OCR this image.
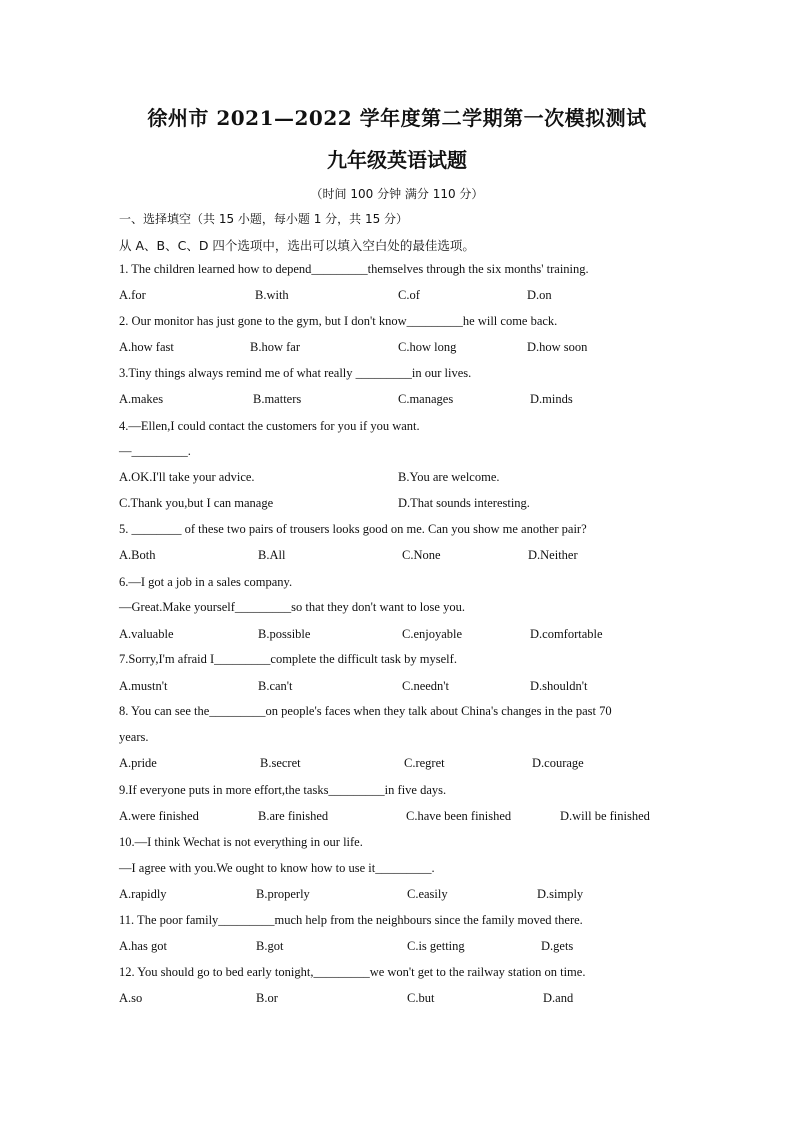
徐州市 2021—2022 学年度第二学期第一次模拟测试
九年级英语试题
（时间 100 分钟 满分 110 分）
一、选择填空（共 15 小题，每小题 1 分，共 15 分）
从 A、B、C、D 四个选项中，选出可以填入空白处的最佳选项。
1. The children learned how to depend_________themselves through the six months' training.
A.for	B.with	C.of	D.on
2. Our monitor has just gone to the gym, but I don't know_________he will come back.
A.how fast	B.how far	C.how long	D.how soon
3.Tiny things always remind me of what really _________in our lives.
A.makes	B.matters	C.manages	D.minds
4.—Ellen,I could contact the customers for you if you want.
—_________.
A.OK.I'll take your advice.	B.You are welcome.
C.Thank you,but I can manage	D.That sounds interesting.
5. ________ of these two pairs of trousers looks good on me. Can you show me another pair?
A.Both	B.All	C.None	D.Neither
6.—I got a job in a sales company.
—Great.Make yourself_________so that they don't want to lose you.
A.valuable	B.possible	C.enjoyable	D.comfortable
7.Sorry,I'm afraid I_________complete the difficult task by myself.
A.mustn't	B.can't	C.needn't	D.shouldn't
8. You can see the_________on people's faces when they talk about China's changes in the past 70
years.
A.pride	B.secret	C.regret	D.courage
9.If everyone puts in more effort,the tasks_________in five days.
A.were finished	B.are finished	C.have been finished	D.will be finished
10.—I think Wechat is not everything in our life.
—I agree with you.We ought to know how to use it_________.
A.rapidly	B.properly	C.easily	D.simply
11. The poor family_________much help from the neighbours since the family moved there.
A.has got	B.got	C.is getting	D.gets
12. You should go to bed early tonight,_________we won't get to the railway station on time.
A.so	B.or	C.but	D.and
